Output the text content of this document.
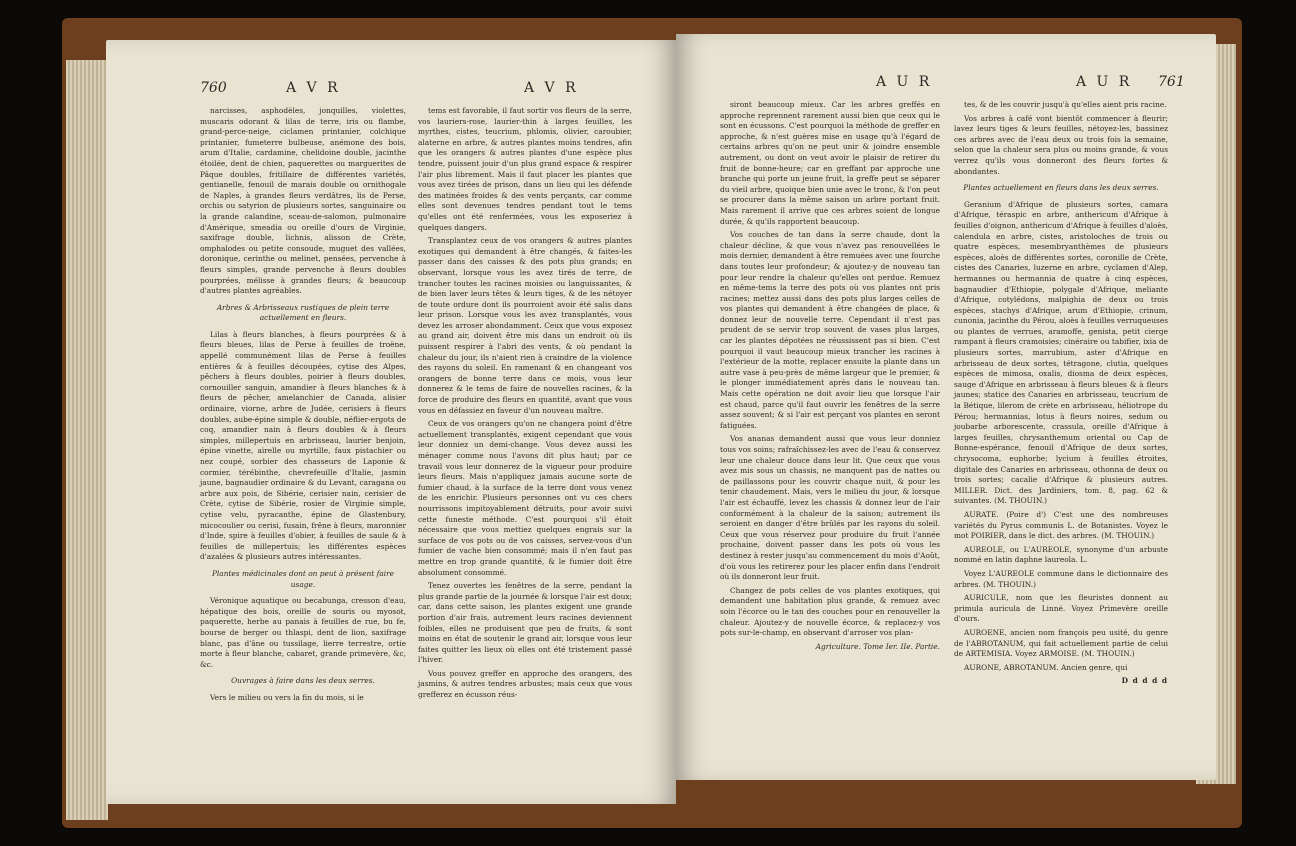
760	A V R	A V R

narcisses, asphodèles, jonquilles, violettes, muscaris odorant & lilas de terre, iris ou flambe, grand-perce-neige, ciclamen printanier, colchique printanier, fumeterre bulbeuse, anémone des bois, arum d'Italie, cardamine, chelidoine double, jacinthe étoilée, dent de chien, paquerettes ou marguerites de Pâque doubles, fritillaire de différentes variétés, gentianelle, fenouil de marais double ou ornithogale de Naples, à grandes fleurs verdâtres, lis de Perse, orchis ou satyrion de plusieurs sortes, sanguinaire ou la grande calandine, sceau-de-salomon, pulmonaire d'Amérique, smeadia ou oreille d'ours de Virginie, saxifrage double, lichnis, alisson de Crète, omphalodes ou petite consoude, muguet des vallées, doronique, cerinthe ou melinet, pensées, pervenche à fleurs simples, grande pervenche à fleurs doubles pourprées, mélisse à grandes fleurs; & beaucoup d'autres plantes agréables.

Arbres & Arbrisseaux rustiques de plein terre actuellement en fleurs.

Lilas à fleurs blanches, à fleurs pourprées & à fleurs bleues, lilas de Perse à feuilles de troëne, appellé communément lilas de Perse à feuilles entières & à feuilles découpées, cytise des Alpes, pêchers à fleurs doubles, poirier à fleurs doubles, cornouiller sanguin, amandier à fleurs blanches & à fleurs de pêcher, amelanchier de Canada, alisier ordinaire, viorne, arbre de Judée, cerisiers à fleurs doubles, aube-épine simple & double, néflier-ergots de coq, amandier nain à fleurs doubles & à fleurs simples, millepertuis en arbrisseau, laurier benjoin, épine vinette, airelle ou myrtille, faux pistachier ou nez coupé, sorbier des chasseurs de Laponie & cormier, térébinthe, chevrefeuille d'Italie, jasmin jaune, bagnaudier ordinaire & du Levant, caragana ou arbre aux pois, de Sibérie, cerisier nain, cerisier de Crète, cytise de Sibérie, rosier de Virginie simple, cytise velu, pyracanthe, épine de Glastenbury, micocoulier ou cerisi, fusain, frêne à fleurs, maronnier d'Inde, spire à feuilles d'obier, à feuilles de saule & à feuilles de millepertuis; les différentes espèces d'azalées & plusieurs autres intéressantes.

Plantes médicinales dont on peut à présent faire usage.

Véronique aquatique ou becabunga, cresson d'eau, hépatique des bois, oreille de souris ou myosot, paquerette, herbe au panais à feuilles de rue, bu fe, bourse de berger ou thlaspi, dent de lion, saxifrage blanc, pas d'âne ou tussilage, lierre terrestre, ortie morte à fleur blanche, cabaret, grande primevère, &c, &c.

Ouvrages à faire dans les deux serres.

Vers le milieu ou vers la fin du mois, si le

tems est favorable, il faut sortir vos fleurs de la serre, vos lauriers-rose, laurier-thin à larges feuilles, les myrthes, cistes, teucrium, phlomis, olivier, caroubier, alaterne en arbre, & autres plantes moins tendres, afin que les orangers & autres plantes d'une espèce plus tendre, puissent jouir d'un plus grand espace & respirer l'air plus librement. Mais il faut placer les plantes que vous avez tirées de prison, dans un lieu qui les défende des matinées froides & des vents perçants, car comme elles sont devenues tendres pendant tout le tems qu'elles ont été renfermées, vous les exposeriez à quelques dangers.

Transplantez ceux de vos orangers & autres plantes exotiques qui demandent à être changés, & faites-les passer dans des caisses & des pots plus grands; en observant, lorsque vous les avez tirés de terre, de trancher toutes les racines moisies ou languissantes, & de bien laver leurs têtes & leurs tiges, & de les nétoyer de toute ordure dont ils pourroient avoir été salis dans leur prison. Lorsque vous les avez transplantés, vous devez les arroser abondamment. Ceux que vous exposez au grand air, doivent être mis dans un endroit où ils puissent respirer à l'abri des vents, & où pendant la chaleur du jour, ils n'aient rien à craindre de la violence des rayons du soleil. En ramenant & en changeant vos orangers de bonne terre dans ce mois, vous leur donnerez & le tems de faire de nouvelles racines, & la force de produire des fleurs en quantité, avant que vous vous en défassiez en faveur d'un nouveau maître.

Ceux de vos orangers qu'on ne changera point d'être actuellement transplantés, exigent cependant que vous leur donniez un demi-change. Vous devez aussi les ménager comme nous l'avons dit plus haut; par ce travail vous leur donnerez de la vigueur pour produire leurs fleurs. Mais n'appliquez jamais aucune sorte de fumier chaud, à la surface de la terre dont vous venez de les enrichir. Plusieurs personnes ont vu ces chers nourrissons impitoyablement détruits, pour avoir suivi cette funeste méthode. C'est pourquoi s'il étoit nécessaire que vous mettiez quelques engrais sur la surface de vos pots ou de vos caisses, servez-vous d'un fumier de vache bien consommé; mais il n'en faut pas mettre en trop grande quantité, & le fumier doit être absolument consommé.

Tenez ouvertes les fenêtres de la serre, pendant la plus grande partie de la journée & lorsque l'air est doux; car, dans cette saison, les plantes exigent une grande portion d'air frais, autrement leurs racines deviennent foibles, elles ne produisent que peu de fruits, & sont moins en état de soutenir le grand air, lorsque vous leur faites quitter les lieux où elles ont été tristement passé l'hiver.

Vous pouvez greffer en approche des orangers, des jasmins, & autres tendres arbustes; mais ceux que vous grefferez en écusson réus-

A U R	A U R 761

siront beaucoup mieux. Car les arbres greffés en approche reprennent rarement aussi bien que ceux qui le sont en écussons. C'est pourquoi la méthode de greffer en approche, & n'est guères mise en usage qu'à l'égard de certains arbres qu'on ne peut unir & joindre ensemble autrement, ou dont on veut avoir le plaisir de retirer du fruit de bonne-heure; car en greffant par approche une branche qui porte un jeune fruit, la greffe peut se séparer du vieil arbre, quoique bien unie avec le tronc, & l'on peut se procurer dans la même saison un arbre portant fruit. Mais rarement il arrive que ces arbres soient de longue durée, & qu'ils rapportent beaucoup.

Vos couches de tan dans la serre chaude, dont la chaleur décline, & que vous n'avez pas renouvellées le mois dernier, demandent à être remuées avec une fourche dans toutes leur profondeur; & ajoutez-y de nouveau tan pour leur rendre la chaleur qu'elles ont perdue. Remuez en même-tems la terre des pots où vos plantes ont pris racines; mettez aussi dans des pots plus larges celles de vos plantes qui demandent à être changées de place, & donnez leur de nouvelle terre. Cependant il n'est pas prudent de se servir trop souvent de vases plus larges, car les plantes dépotées ne réussissent pas si bien. C'est pourquoi il vaut beaucoup mieux trancher les racines à l'extérieur de la motte, replacer ensuite la plante dans un autre vase à peu-près de même largeur que le premier, & le plonger immédiatement après dans le nouveau tan. Mais cette opération ne doit avoir lieu que lorsque l'air est chaud, parce qu'il faut ouvrir les fenêtres de la serre assez souvent; & si l'air est perçant vos plantes en seront fatiguées.

Vos ananas demandent aussi que vous leur donniez tous vos soins; rafraîchissez-les avec de l'eau & conservez leur une chaleur douce dans leur lit. Que ceux que vous avez mis sous un chassis, ne manquent pas de nattes ou de paillassons pour les couvrir chaque nuit, & pour les tenir chaudement. Mais, vers le milieu du jour, & lorsque l'air est échauffé, levez les chassis & donnez leur de l'air conformément à la chaleur de la saison; autrement ils seroient en danger d'être brûlés par les rayons du soleil. Ceux que vous réservez pour produire du fruit l'année prochaine, doivent passer dans les pots où vous les destinez à rester jusqu'au commencement du mois d'Août, d'où vous les retirerez pour les placer enfin dans l'endroit où ils donneront leur fruit.

Changez de pots celles de vos plantes exotiques, qui demandent une habitation plus grande, & remuez avec soin l'écorce ou le tan des couches pour en renouveller la chaleur. Ajoutez-y de nouvelle écorce, & replacez-y vos pots sur-le-champ, en observant d'arroser vos plan-

Agriculture. Tome Ier. IIe. Partie.

tes, & de les couvrir jusqu'à qu'elles aient pris racine.

Vos arbres à café vont bientôt commencer à fleurir; lavez leurs tiges & leurs feuilles, nétoyez-les, bassinez ces arbres avec de l'eau deux ou trois fois la semaine, selon que la chaleur sera plus ou moins grande, & vous verrez qu'ils vous donneront des fleurs fortes & abondantes.

Plantes actuellement en fleurs dans les deux serres.

Geranium d'Afrique de plusieurs sortes, camara d'Afrique, téraspic en arbre, anthericum d'Afrique à feuilles d'oignon, anthericum d'Afrique à feuilles d'aloès, calendula en arbre, cistes, aristoloches de trois ou quatre espèces, mesembryanthèmes de plusieurs espèces, aloès de différentes sortes, coronille de Crète, cistes des Canaries, luzerne en arbre, cyclamen d'Alep, hermannes ou hermannia de quatre à cinq espèces, bagnaudier d'Ethiopie, polygale d'Afrique, meliante d'Afrique, cotylédons, malpighia de deux ou trois espèces, stachys d'Afrique, arum d'Ethiopie, crinum, cunonia, jacinthe du Pérou, aloès à feuilles verruqueuses ou plantes de verrues, aramoffe, genista, petit cierge rampant à fleurs cramoisies; cinéraire ou tabifier, ixia de plusieurs sortes, marrubium, aster d'Afrique en arbrisseau de deux sortes, tétragone, clutia, quelques espèces de mimosa, oxalis, diosma de deux espèces, sauge d'Afrique en arbrisseau à fleurs bleues & à fleurs jaunes; statice des Canaries en arbrisseau, teucrium de la Bétique, lilerom de crète en arbrisseau, héliotrope du Pérou; hermannias, lotus à fleurs noires, sedum ou joubarbe arborescente, crassula, oreille d'Afrique à larges feuilles, chrysanthemum oriental ou Cap de Bonne-espérance, fenouil d'Afrique de deux sortes, chrysocoma, euphorbe; lycium à feuilles étroites, digitale des Canaries en arbrisseau, othonna de deux ou trois sortes; cacalie d'Afrique & plusieurs autres. MILLER. Dict. des Jardiniers, tom. 8, pag. 62 & suivantes. (M. THOUIN.)

AURATE. (Poire d') C'est une des nombreuses variétés du Pyrus communis L. de Botanistes. Voyez le mot POIRIER, dans le dict. des arbres. (M. THOUIN.)

AUREOLE, ou L'AUREOLE, synonyme d'un arbuste nommé en latin daphne laureola. L.

Voyez L'AUREOLE commune dans le dictionnaire des arbres. (M. THOUIN.)

AURICULE, nom que les fleuristes donnent au primula auricula de Linné. Voyez Primevère oreille d'ours.

AUROENE, ancien nom françois peu usité, du genre de l'ABROTANUM, qui fait actuellement partie de celui de ARTEMISIA. Voyez ARMOISE. (M. THOUIN.)

AURONE, ABROTANUM. Ancien genre, qui

D d d d d
